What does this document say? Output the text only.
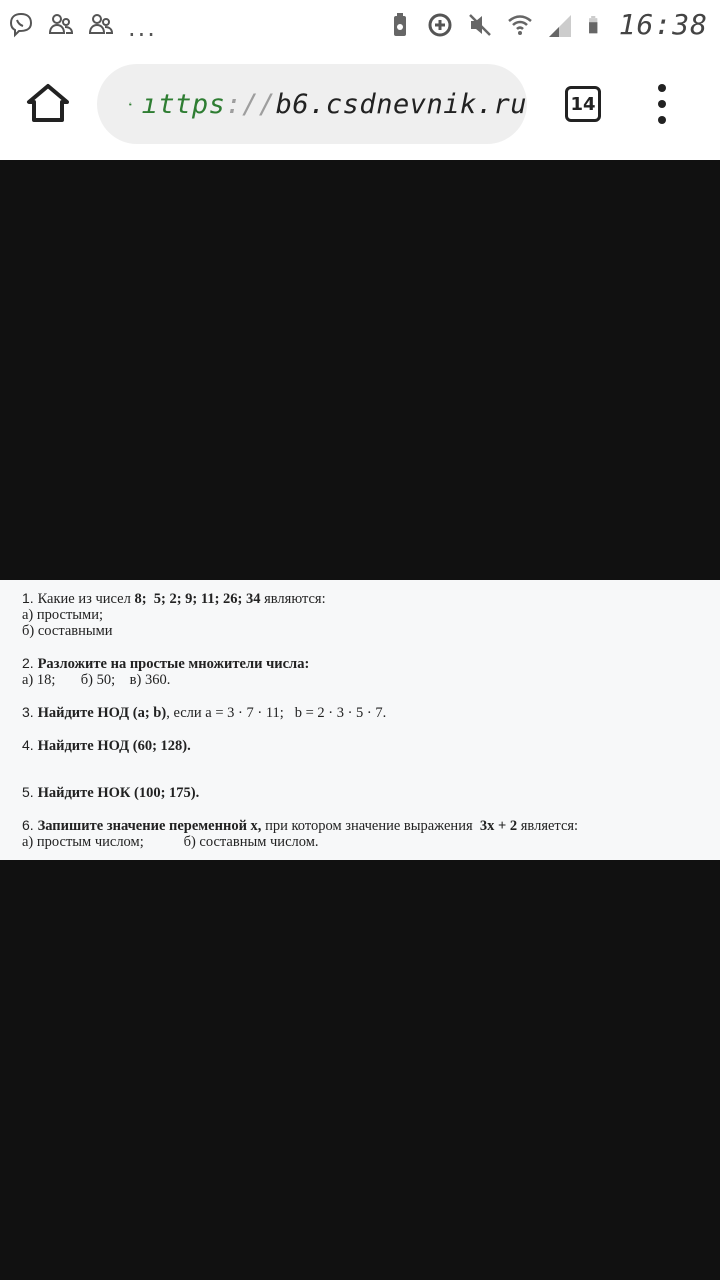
...	16:38
ıttps://b6.csdnevnik.ru	14
1. Какие из чисел 8;  5; 2; 9; 11; 26; 34 являются:
а) простыми;
б) составными
2. Разложите на простые множители числа:
а) 18;       б) 50;    в) 360.
3. Найдите НОД (a; b), если a = 3 · 7 · 11;   b = 2 · 3 · 5 · 7.
4. Найдите НОД (60; 128).
5. Найдите НОК (100; 175).
6. Запишите значение переменной x, при котором значение выражения  3x + 2 является:
а) простым числом;           б) составным числом.
